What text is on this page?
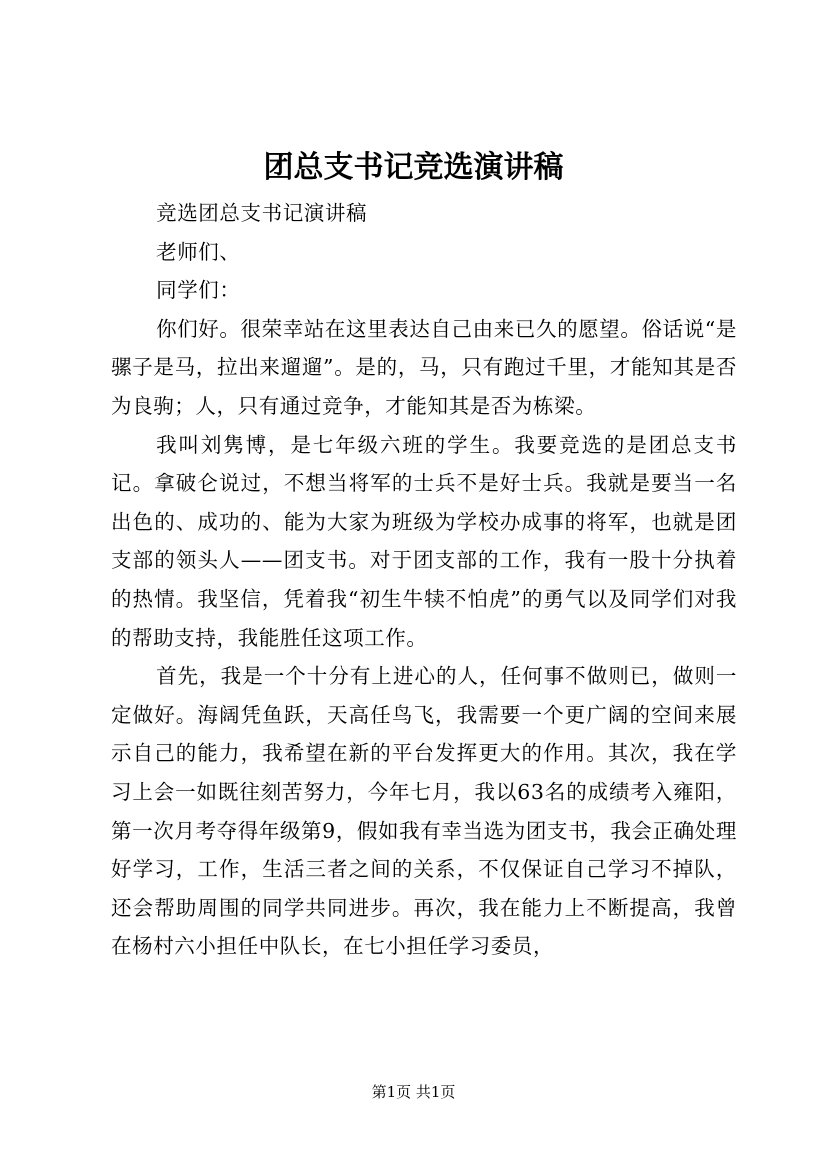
团总支书记竞选演讲稿

竞选团总支书记演讲稿

老师们、

同学们：

你们好。很荣幸站在这里表达自己由来已久的愿望。俗话说“是骡子是马，拉出来遛遛”。是的，马，只有跑过千里，才能知其是否为良驹；人，只有通过竞争，才能知其是否为栋梁。

我叫刘隽博，是七年级六班的学生。我要竞选的是团总支书记。拿破仑说过，不想当将军的士兵不是好士兵。我就是要当一名出色的、成功的、能为大家为班级为学校办成事的将军，也就是团支部的领头人——团支书。对于团支部的工作，我有一股十分执着的热情。我坚信，凭着我“初生牛犊不怕虎”的勇气以及同学们对我的帮助支持，我能胜任这项工作。

首先，我是一个十分有上进心的人，任何事不做则已，做则一定做好。海阔凭鱼跃，天高任鸟飞，我需要一个更广阔的空间来展示自己的能力，我希望在新的平台发挥更大的作用。其次，我在学习上会一如既往刻苦努力，今年七月，我以63名的成绩考入雍阳，第一次月考夺得年级第9，假如我有幸当选为团支书，我会正确处理好学习，工作，生活三者之间的关系，不仅保证自己学习不掉队，还会帮助周围的同学共同进步。再次，我在能力上不断提高，我曾在杨村六小担任中队长，在七小担任学习委员，

第1页 共1页
